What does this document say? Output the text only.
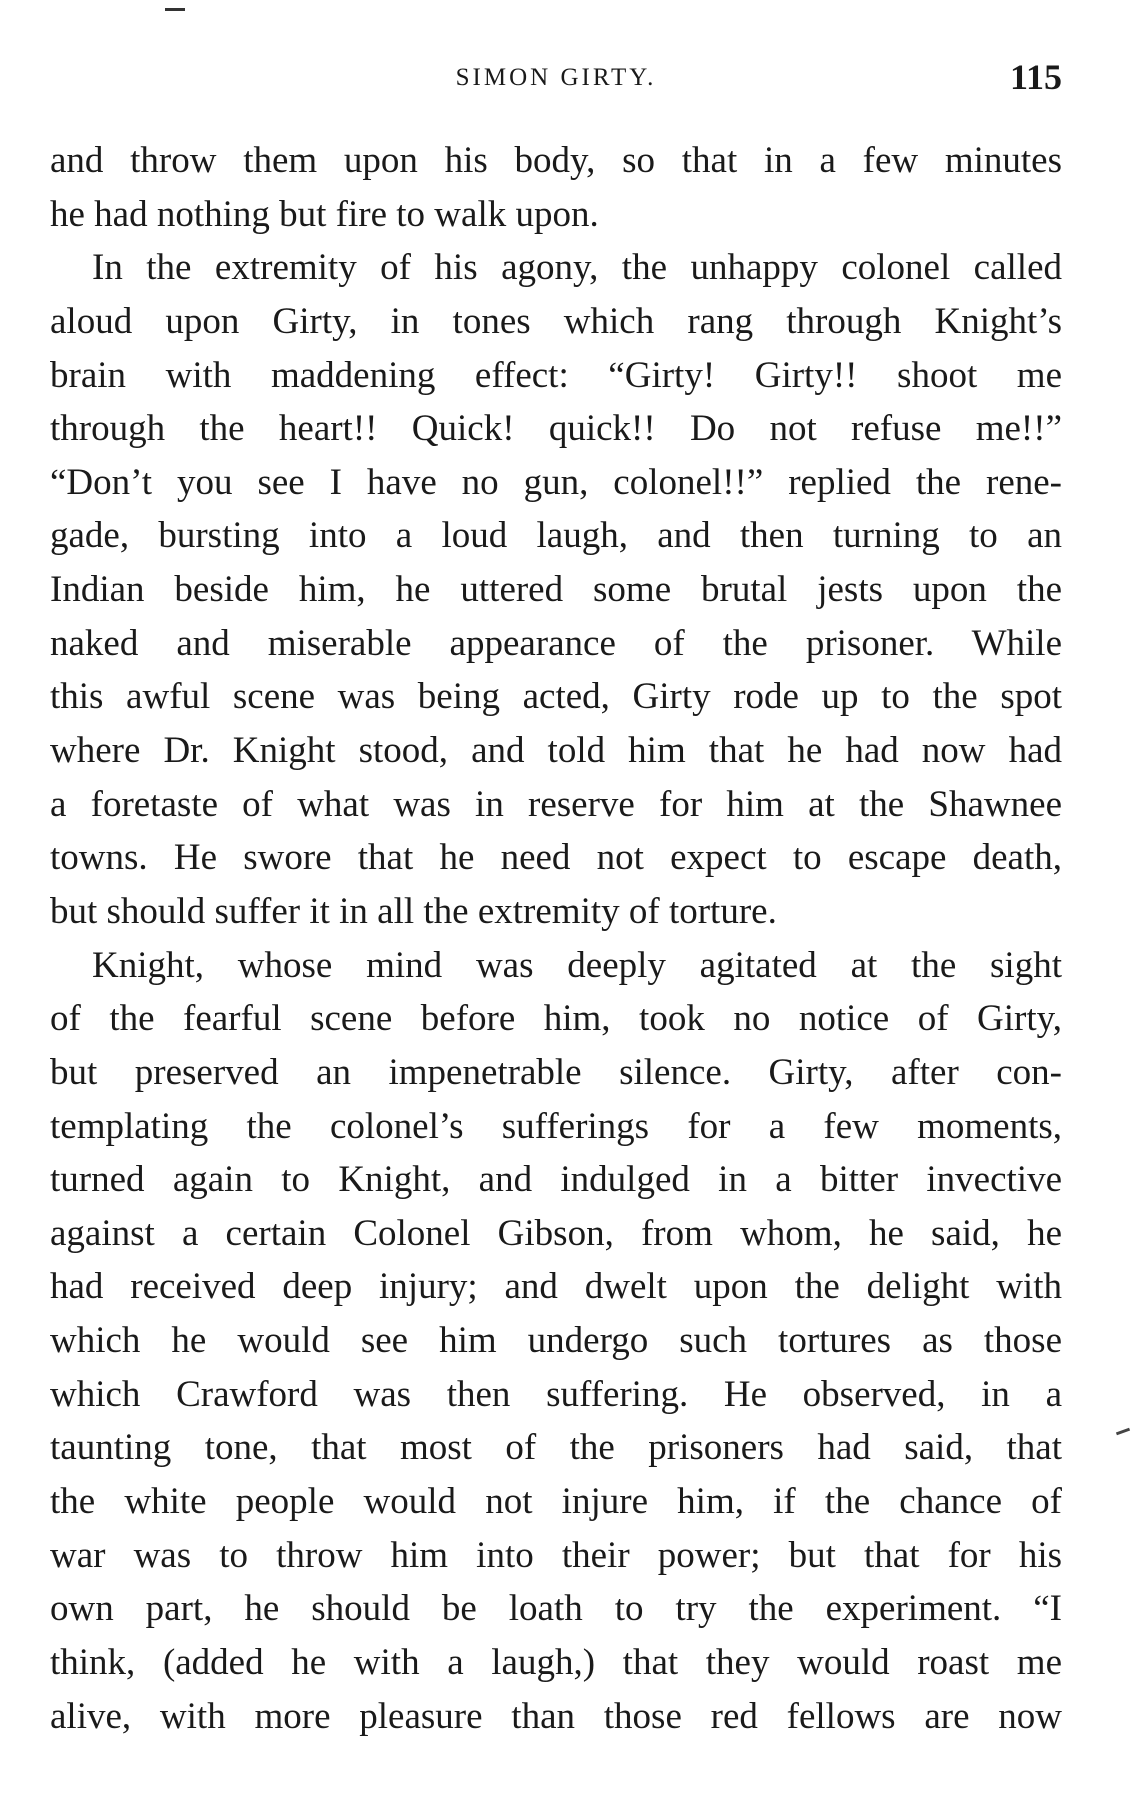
SIMON GIRTY.	115
and throw them upon his body, so that in a few minutes
he had nothing but fire to walk upon.
In the extremity of his agony, the unhappy colonel called
aloud upon Girty, in tones which rang through Knight’s
brain with maddening effect: “Girty! Girty!! shoot me
through the heart!! Quick! quick!! Do not refuse me!!”
“Don’t you see I have no gun, colonel!!” replied the rene-
gade, bursting into a loud laugh, and then turning to an
Indian beside him, he uttered some brutal jests upon the
naked and miserable appearance of the prisoner. While
this awful scene was being acted, Girty rode up to the spot
where Dr. Knight stood, and told him that he had now had
a foretaste of what was in reserve for him at the Shawnee
towns. He swore that he need not expect to escape death,
but should suffer it in all the extremity of torture.
Knight, whose mind was deeply agitated at the sight
of the fearful scene before him, took no notice of Girty,
but preserved an impenetrable silence. Girty, after con-
templating the colonel’s sufferings for a few moments,
turned again to Knight, and indulged in a bitter invective
against a certain Colonel Gibson, from whom, he said, he
had received deep injury; and dwelt upon the delight with
which he would see him undergo such tortures as those
which Crawford was then suffering. He observed, in a
taunting tone, that most of the prisoners had said, that
the white people would not injure him, if the chance of
war was to throw him into their power; but that for his
own part, he should be loath to try the experiment. “I
think, (added he with a laugh,) that they would roast me
alive, with more pleasure than those red fellows are now
